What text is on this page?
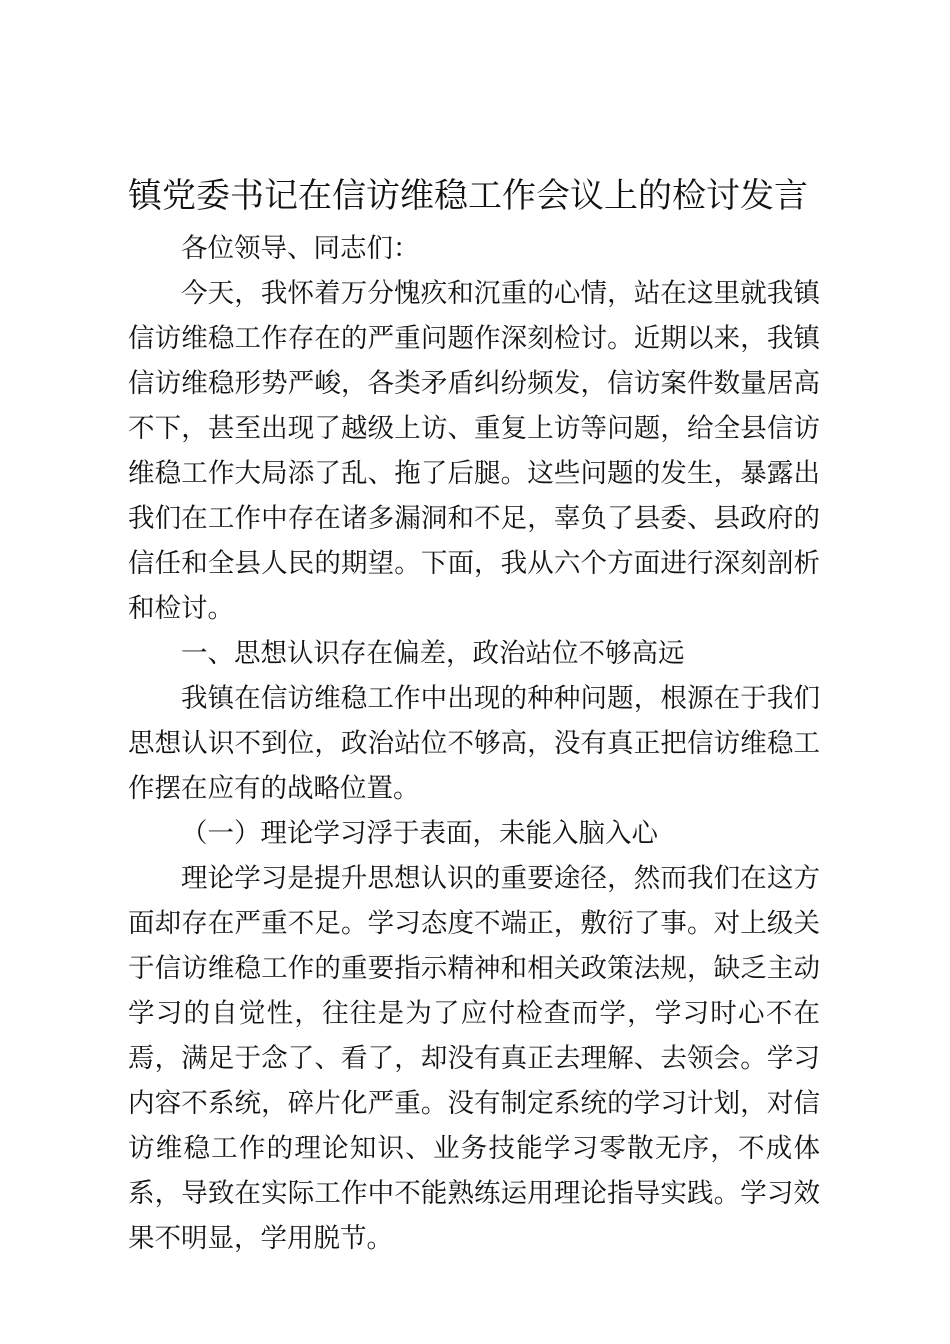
镇党委书记在信访维稳工作会议上的检讨发言

各位领导、同志们：

今天，我怀着万分愧疚和沉重的心情，站在这里就我镇信访维稳工作存在的严重问题作深刻检讨。近期以来，我镇信访维稳形势严峻，各类矛盾纠纷频发，信访案件数量居高不下，甚至出现了越级上访、重复上访等问题，给全县信访维稳工作大局添了乱、拖了后腿。这些问题的发生，暴露出我们在工作中存在诸多漏洞和不足，辜负了县委、县政府的信任和全县人民的期望。下面，我从六个方面进行深刻剖析和检讨。

一、思想认识存在偏差，政治站位不够高远

我镇在信访维稳工作中出现的种种问题，根源在于我们思想认识不到位，政治站位不够高，没有真正把信访维稳工作摆在应有的战略位置。

（一）理论学习浮于表面，未能入脑入心

理论学习是提升思想认识的重要途径，然而我们在这方面却存在严重不足。学习态度不端正，敷衍了事。对上级关于信访维稳工作的重要指示精神和相关政策法规，缺乏主动学习的自觉性，往往是为了应付检查而学，学习时心不在焉，满足于念了、看了，却没有真正去理解、去领会。学习内容不系统，碎片化严重。没有制定系统的学习计划，对信访维稳工作的理论知识、业务技能学习零散无序，不成体系，导致在实际工作中不能熟练运用理论指导实践。学习效果不明显，学用脱节。
